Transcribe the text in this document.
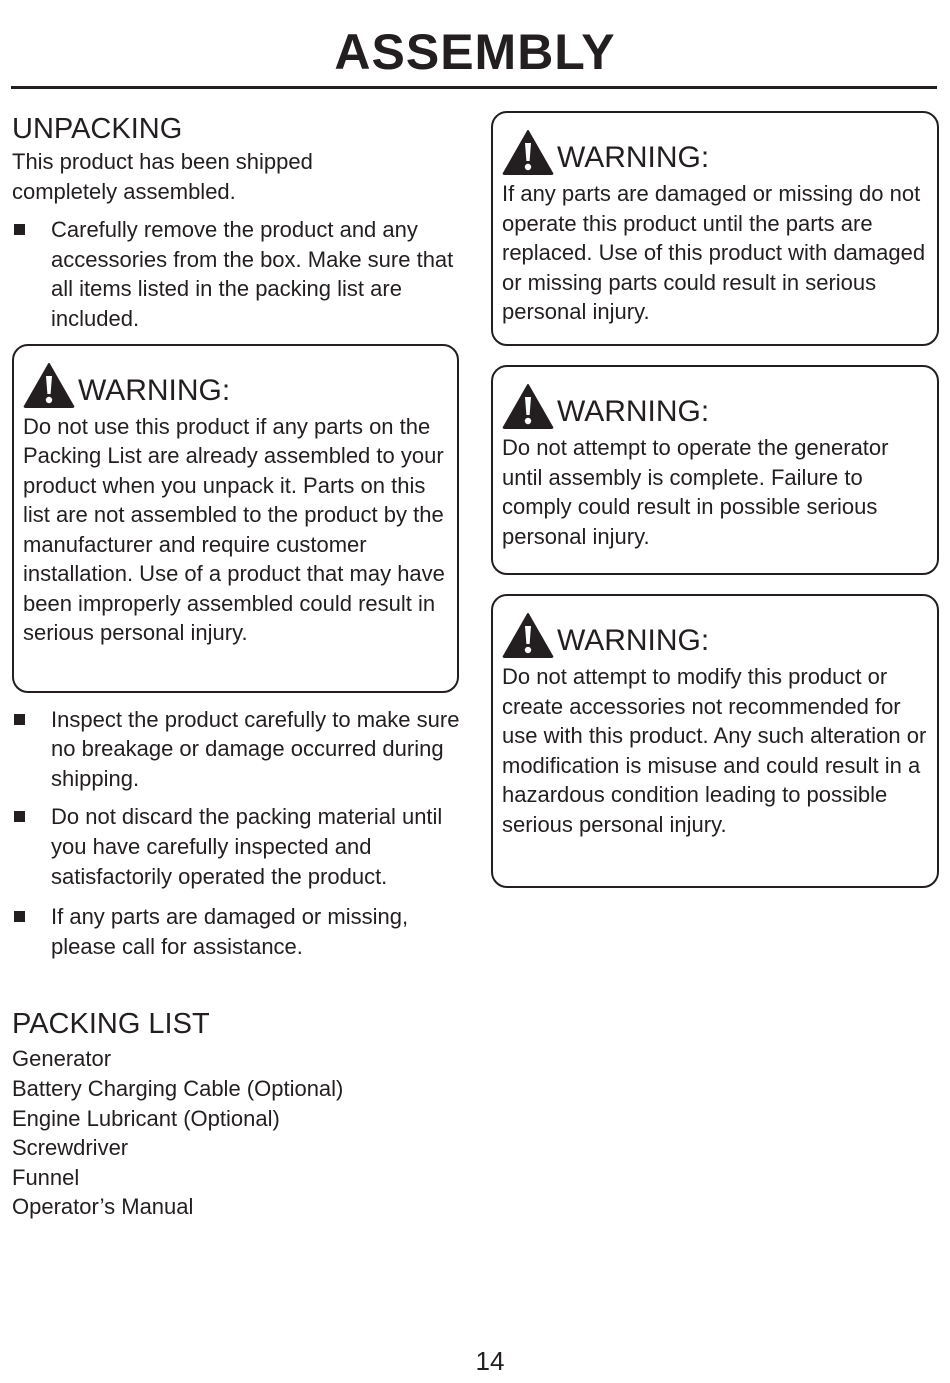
ASSEMBLY
UNPACKING
This product has been shipped completely assembled.
Carefully remove the product and any accessories from the box. Make sure that all items listed in the packing list are included.
WARNING:
Do not use this product if any parts on the Packing List are already assembled to your product when you unpack it. Parts on this list are not assembled to the product by the manufacturer and require customer installation. Use of a product that may have been improperly assembled could result in serious personal injury.
Inspect the product carefully to make sure no breakage or damage occurred during shipping.
Do not discard the packing material until you have carefully inspected and satisfactorily operated the product.
If any parts are damaged or missing, please call for assistance.
PACKING LIST
Generator
Battery Charging Cable (Optional)
Engine Lubricant (Optional)
Screwdriver
Funnel
Operator’s Manual
WARNING:
If any parts are damaged or missing do not operate this product until the parts are replaced. Use of this product with damaged or missing parts could result in serious personal injury.
WARNING:
Do not attempt to operate the generator until assembly is complete. Failure to comply could result in possible serious personal injury.
WARNING:
Do not attempt to modify this product or create accessories not recommended for use with this product. Any such alteration or modification is misuse and could result in a hazardous condition leading to possible serious personal injury.
14
